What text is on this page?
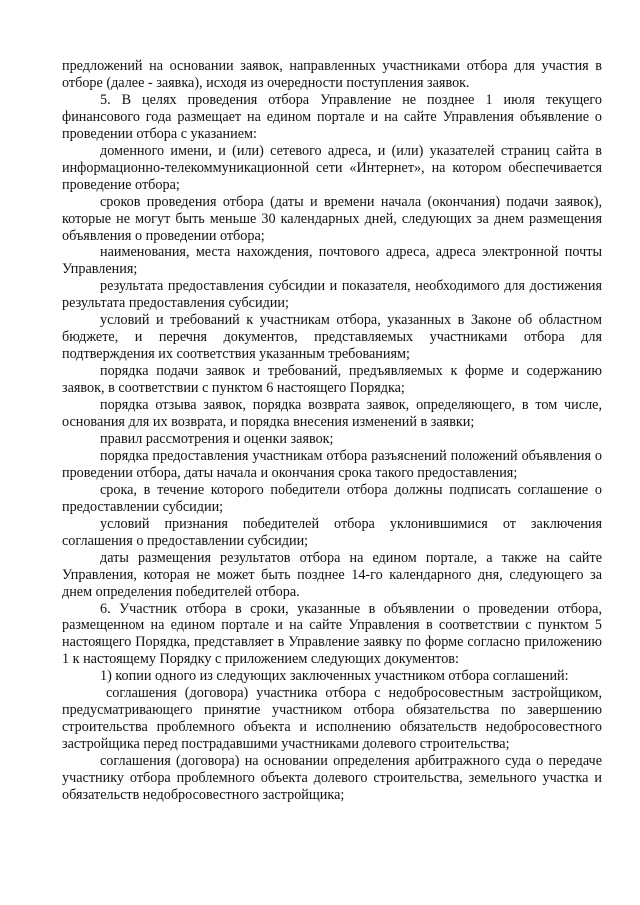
предложений на основании заявок, направленных участниками отбора для участия в отборе (далее - заявка), исходя из очередности поступления заявок.

5. В целях проведения отбора Управление не позднее 1 июля текущего финансового года размещает на едином портале и на сайте Управления объявление о проведении отбора с указанием:

доменного имени, и (или) сетевого адреса, и (или) указателей страниц сайта в информационно-телекоммуникационной сети «Интернет», на котором обеспечивается проведение отбора;

сроков проведения отбора (даты и времени начала (окончания) подачи заявок), которые не могут быть меньше 30 календарных дней, следующих за днем размещения объявления о проведении отбора;

наименования, места нахождения, почтового адреса, адреса электронной почты Управления;

результата предоставления субсидии и показателя, необходимого для достижения результата предоставления субсидии;

условий и требований к участникам отбора, указанных в Законе об областном бюджете, и перечня документов, представляемых участниками отбора для подтверждения их соответствия указанным требованиям;

порядка подачи заявок и требований, предъявляемых к форме и содержанию заявок, в соответствии с пунктом 6 настоящего Порядка;

порядка отзыва заявок, порядка возврата заявок, определяющего, в том числе, основания для их возврата, и порядка внесения изменений в заявки;

правил рассмотрения и оценки заявок;

порядка предоставления участникам отбора разъяснений положений объявления о проведении отбора, даты начала и окончания срока такого предоставления;

срока, в течение которого победители отбора должны подписать соглашение о предоставлении субсидии;

условий признания победителей отбора уклонившимися от заключения соглашения о предоставлении субсидии;

даты размещения результатов отбора на едином портале, а также на сайте Управления, которая не может быть позднее 14-го календарного дня, следующего за днем определения победителей отбора.

6. Участник отбора в сроки, указанные в объявлении о проведении отбора, размещенном на едином портале и на сайте Управления в соответствии с пунктом 5 настоящего Порядка, представляет в Управление заявку по форме согласно приложению 1 к настоящему Порядку с приложением следующих документов:

1) копии одного из следующих заключенных участником отбора соглашений:

соглашения (договора) участника отбора с недобросовестным застройщиком, предусматривающего принятие участником отбора обязательства по завершению строительства проблемного объекта и исполнению обязательств недобросовестного застройщика перед пострадавшими участниками долевого строительства;

соглашения (договора) на основании определения арбитражного суда о передаче участнику отбора проблемного объекта долевого строительства, земельного участка и обязательств недобросовестного застройщика;
